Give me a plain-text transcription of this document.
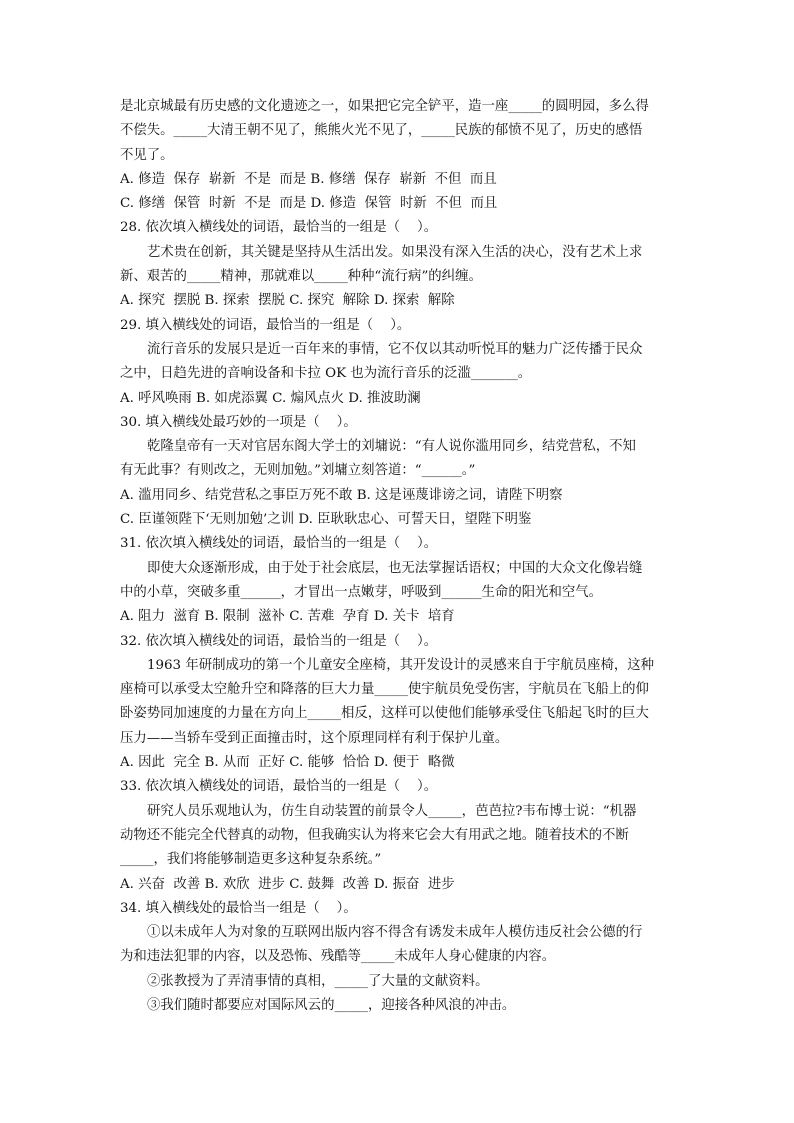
是北京城最有历史感的文化遗迹之一，如果把它完全铲平，造一座_____的圆明园，多么得
不偿失。_____大清王朝不见了，熊熊火光不见了，_____民族的郁愤不见了，历史的感悟
不见了。
A. 修造  保存  崭新  不是  而是 B. 修缮  保存  崭新  不但  而且
C. 修缮  保管  时新  不是  而是 D. 修造  保管  时新  不但  而且
28. 依次填入横线处的词语，最恰当的一组是（    ）。
艺术贵在创新，其关键是坚持从生活出发。如果没有深入生活的决心，没有艺术上求
新、艰苦的_____精神，那就难以_____种种“流行病”的纠缠。
A. 探究  摆脱 B. 探索  摆脱 C. 探究  解除 D. 探索  解除
29. 填入横线处的词语，最恰当的一组是（    ）。
流行音乐的发展只是近一百年来的事情，它不仅以其动听悦耳的魅力广泛传播于民众
之中，日趋先进的音响设备和卡拉 OK 也为流行音乐的泛滥_______。
A. 呼风唤雨 B. 如虎添翼 C. 煽风点火 D. 推波助澜
30. 填入横线处最巧妙的一项是（    ）。
乾隆皇帝有一天对官居东阁大学士的刘墉说：“有人说你滥用同乡，结党营私，不知
有无此事？有则改之，无则加勉。”刘墉立刻答道：“______。”
A. 滥用同乡、结党营私之事臣万死不敢 B. 这是诬蔑诽谤之词，请陛下明察
C. 臣谨领陛下‘无则加勉’之训 D. 臣耿耿忠心、可誓天日，望陛下明鉴
31. 依次填入横线处的词语，最恰当的一组是（    ）。
即使大众逐渐形成，由于处于社会底层，也无法掌握话语权；中国的大众文化像岩缝
中的小草，突破多重______，才冒出一点嫩芽，呼吸到______生命的阳光和空气。
A. 阻力  滋育 B. 限制  滋补 C. 苦难  孕育 D. 关卡  培育
32. 依次填入横线处的词语，最恰当的一组是（    ）。
1963 年研制成功的第一个儿童安全座椅，其开发设计的灵感来自于宇航员座椅，这种
座椅可以承受太空舱升空和降落的巨大力量_____使宇航员免受伤害，宇航员在飞船上的仰
卧姿势同加速度的力量在方向上_____相反，这样可以使他们能够承受住飞船起飞时的巨大
压力——当轿车受到正面撞击时，这个原理同样有利于保护儿童。
A. 因此  完全 B. 从而  正好 C. 能够  恰恰 D. 便于  略微
33. 依次填入横线处的词语，最恰当的一组是（    ）。
研究人员乐观地认为，仿生自动装置的前景令人_____，芭芭拉?韦布博士说：“机器
动物还不能完全代替真的动物，但我确实认为将来它会大有用武之地。随着技术的不断
_____，我们将能够制造更多这种复杂系统。”
A. 兴奋  改善 B. 欢欣  进步 C. 鼓舞  改善 D. 振奋  进步
34. 填入横线处的最恰当一组是（    ）。
①以未成年人为对象的互联网出版内容不得含有诱发未成年人模仿违反社会公德的行
为和违法犯罪的内容，以及恐怖、残酷等_____未成年人身心健康的内容。
②张教授为了弄清事情的真相，_____了大量的文献资料。
③我们随时都要应对国际风云的_____，迎接各种风浪的冲击。
